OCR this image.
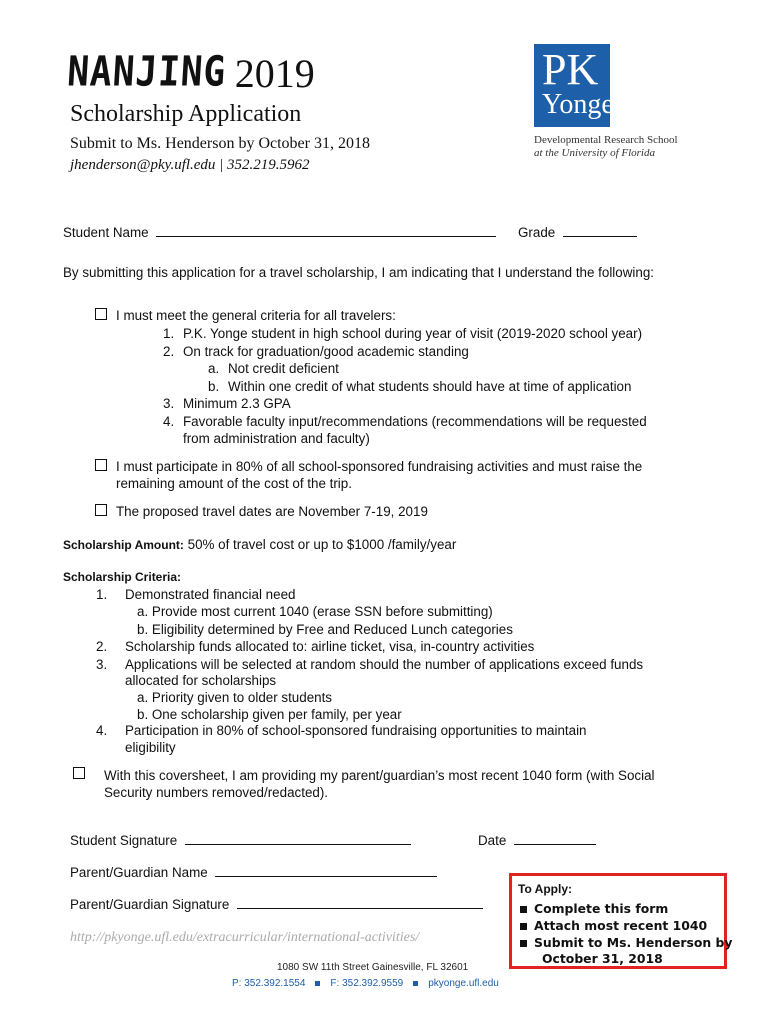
NANJING 2019
Scholarship Application
Submit to Ms. Henderson by October 31, 2018
jhenderson@pky.ufl.edu | 352.219.5962
PK
Yonge
Developmental Research School
at the University of Florida
Student Name	Grade
By submitting this application for a travel scholarship, I am indicating that I understand the following:
I must meet the general criteria for all travelers:
1. P.K. Yonge student in high school during year of visit (2019-2020 school year)
2. On track for graduation/good academic standing
a. Not credit deficient
b. Within one credit of what students should have at time of application
3. Minimum 2.3 GPA
4. Favorable faculty input/recommendations (recommendations will be requested
from administration and faculty)
I must participate in 80% of all school-sponsored fundraising activities and must raise the
remaining amount of the cost of the trip.
The proposed travel dates are November 7-19, 2019
Scholarship Amount: 50% of travel cost or up to $1000 /family/year
Scholarship Criteria:
1. Demonstrated financial need
a. Provide most current 1040 (erase SSN before submitting)
b. Eligibility determined by Free and Reduced Lunch categories
2. Scholarship funds allocated to: airline ticket, visa, in-country activities
3. Applications will be selected at random should the number of applications exceed funds
allocated for scholarships
a. Priority given to older students
b. One scholarship given per family, per year
4. Participation in 80% of school-sponsored fundraising opportunities to maintain
eligibility
With this coversheet, I am providing my parent/guardian’s most recent 1040 form (with Social
Security numbers removed/redacted).
Student Signature	Date
Parent/Guardian Name
Parent/Guardian Signature
http://pkyonge.ufl.edu/extracurricular/international-activities/
1080 SW 11th Street Gainesville, FL 32601
P: 352.392.1554	F: 352.392.9559	pkyonge.ufl.edu
To Apply:
Complete this form
Attach most recent 1040
Submit to Ms. Henderson by
October 31, 2018
